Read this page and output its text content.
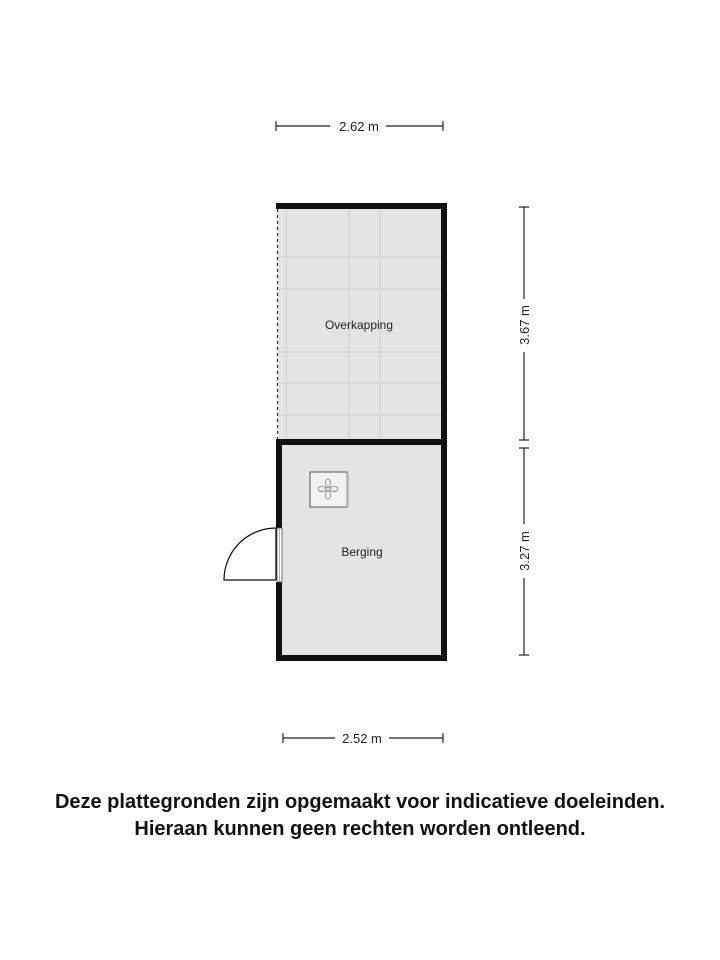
2.62 m
Overkapping
Berging
3.67 m
3.27 m
2.52 m
Deze plattegronden zijn opgemaakt voor indicatieve doeleinden.
Hieraan kunnen geen rechten worden ontleend.
